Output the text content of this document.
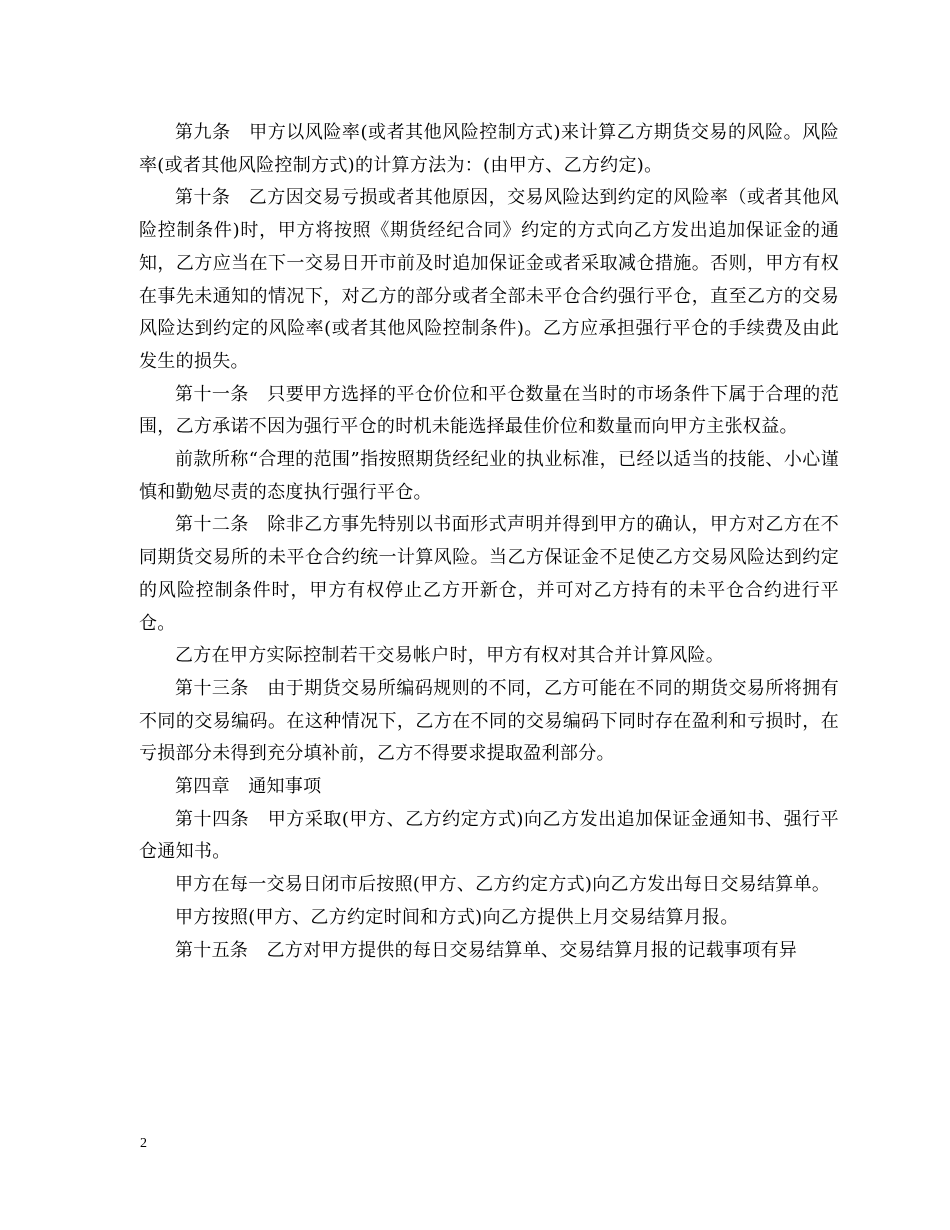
第九条　甲方以风险率(或者其他风险控制方式)来计算乙方期货交易的风险。风险率(或者其他风险控制方式)的计算方法为：(由甲方、乙方约定)。

第十条　乙方因交易亏损或者其他原因，交易风险达到约定的风险率（或者其他风险控制条件)时，甲方将按照《期货经纪合同》约定的方式向乙方发出追加保证金的通知，乙方应当在下一交易日开市前及时追加保证金或者采取减仓措施。否则，甲方有权在事先未通知的情况下，对乙方的部分或者全部未平仓合约强行平仓，直至乙方的交易风险达到约定的风险率(或者其他风险控制条件)。乙方应承担强行平仓的手续费及由此发生的损失。

第十一条　只要甲方选择的平仓价位和平仓数量在当时的市场条件下属于合理的范围，乙方承诺不因为强行平仓的时机未能选择最佳价位和数量而向甲方主张权益。

前款所称“合理的范围”指按照期货经纪业的执业标准，已经以适当的技能、小心谨慎和勤勉尽责的态度执行强行平仓。

第十二条　除非乙方事先特别以书面形式声明并得到甲方的确认，甲方对乙方在不同期货交易所的未平仓合约统一计算风险。当乙方保证金不足使乙方交易风险达到约定的风险控制条件时，甲方有权停止乙方开新仓，并可对乙方持有的未平仓合约进行平仓。

乙方在甲方实际控制若干交易帐户时，甲方有权对其合并计算风险。

第十三条　由于期货交易所编码规则的不同，乙方可能在不同的期货交易所将拥有不同的交易编码。在这种情况下，乙方在不同的交易编码下同时存在盈利和亏损时，在亏损部分未得到充分填补前，乙方不得要求提取盈利部分。

第四章　通知事项

第十四条　甲方采取(甲方、乙方约定方式)向乙方发出追加保证金通知书、强行平仓通知书。

甲方在每一交易日闭市后按照(甲方、乙方约定方式)向乙方发出每日交易结算单。

甲方按照(甲方、乙方约定时间和方式)向乙方提供上月交易结算月报。

第十五条　乙方对甲方提供的每日交易结算单、交易结算月报的记载事项有异

2
